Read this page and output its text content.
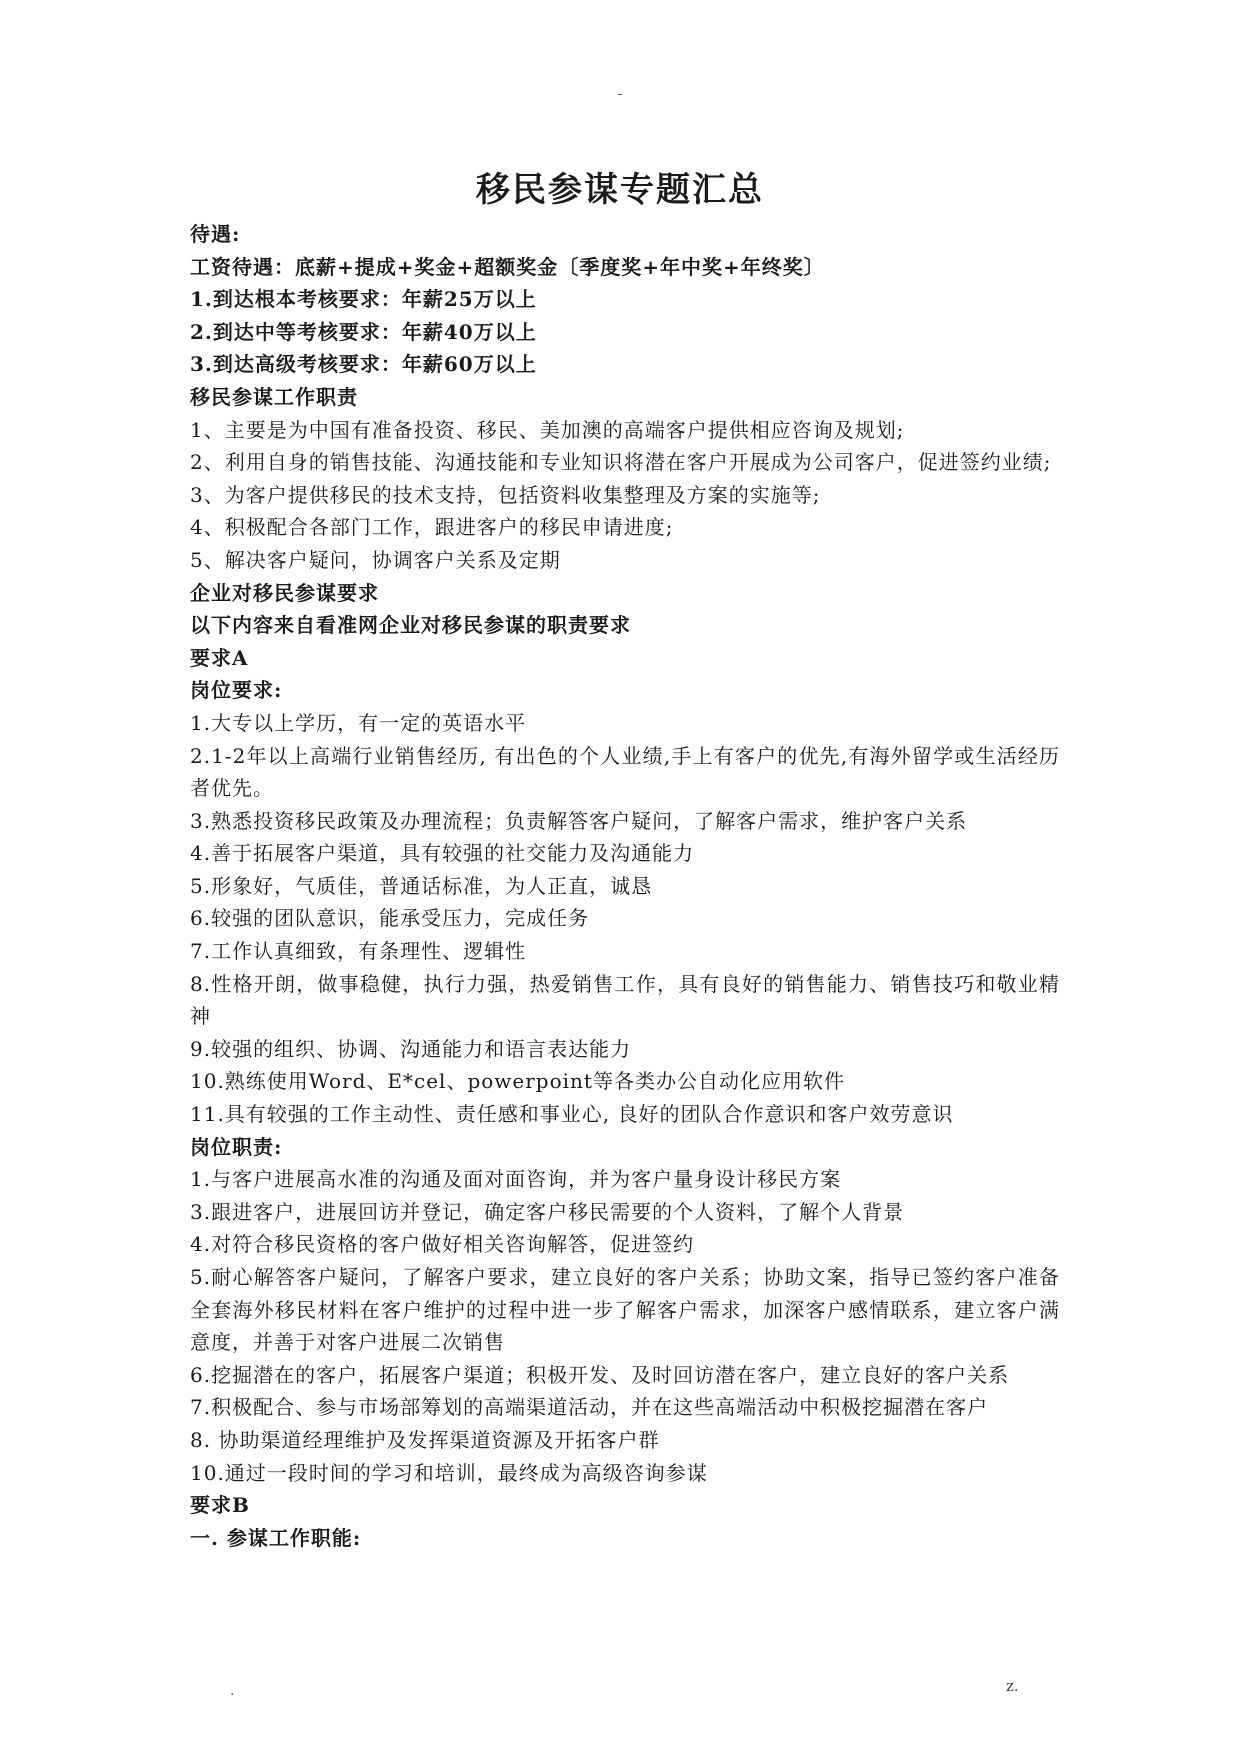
-
移民参谋专题汇总
待遇:
工资待遇：底薪+提成+奖金+超额奖金〔季度奖+年中奖+年终奖〕
1.到达根本考核要求：年薪25万以上
2.到达中等考核要求：年薪40万以上
3.到达高级考核要求：年薪60万以上
移民参谋工作职责
1、主要是为中国有准备投资、移民、美加澳的高端客户提供相应咨询及规划;
2、利用自身的销售技能、沟通技能和专业知识将潜在客户开展成为公司客户，促进签约业绩;
3、为客户提供移民的技术支持，包括资料收集整理及方案的实施等;
4、积极配合各部门工作，跟进客户的移民申请进度;
5、解决客户疑问，协调客户关系及定期
企业对移民参谋要求
以下内容来自看准网企业对移民参谋的职责要求
要求A
岗位要求:
1.大专以上学历，有一定的英语水平
2.1-2年以上高端行业销售经历, 有出色的个人业绩,手上有客户的优先,有海外留学或生活经历者优先。
3.熟悉投资移民政策及办理流程；负责解答客户疑问，了解客户需求，维护客户关系
4.善于拓展客户渠道，具有较强的社交能力及沟通能力
5.形象好，气质佳，普通话标准，为人正直，诚恳
6.较强的团队意识，能承受压力，完成任务
7.工作认真细致，有条理性、逻辑性
8.性格开朗，做事稳健，执行力强，热爱销售工作，具有良好的销售能力、销售技巧和敬业精神
9.较强的组织、协调、沟通能力和语言表达能力
10.熟练使用Word、E*cel、powerpoint等各类办公自动化应用软件
11.具有较强的工作主动性、责任感和事业心, 良好的团队合作意识和客户效劳意识
岗位职责:
1.与客户进展高水准的沟通及面对面咨询，并为客户量身设计移民方案
3.跟进客户，进展回访并登记，确定客户移民需要的个人资料，了解个人背景
4.对符合移民资格的客户做好相关咨询解答，促进签约
5.耐心解答客户疑问，了解客户要求，建立良好的客户关系；协助文案，指导已签约客户准备全套海外移民材料在客户维护的过程中进一步了解客户需求，加深客户感情联系，建立客户满意度，并善于对客户进展二次销售
6.挖掘潜在的客户，拓展客户渠道；积极开发、及时回访潜在客户，建立良好的客户关系
7.积极配合、参与市场部筹划的高端渠道活动，并在这些高端活动中积极挖掘潜在客户
8. 协助渠道经理维护及发挥渠道资源及开拓客户群
10.通过一段时间的学习和培训，最终成为高级咨询参谋
要求B
一. 参谋工作职能:
.	z.
